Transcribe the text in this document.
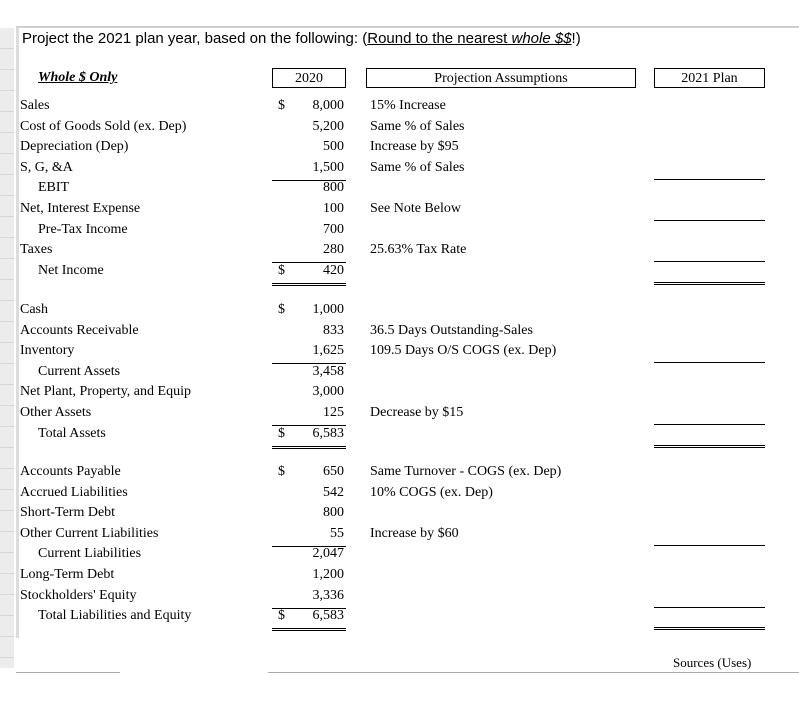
Project the 2021 plan year, based on the following: (Round to the nearest whole $$!)
Whole $ Only	2020	Projection Assumptions	2021 Plan
Sales	$ 8,000 15% Increase
Cost of Goods Sold (ex. Dep)	5,200 Same % of Sales
Depreciation (Dep)	500 Increase by $95
S, G, &A	1,500 Same % of Sales
EBIT	800
Net, Interest Expense	100 See Note Below
Pre-Tax Income	700
Taxes	280 25.63% Tax Rate
Net Income	$	420
Cash	$ 1,000
Accounts Receivable	833 36.5 Days Outstanding-Sales
Inventory	1,625 109.5 Days O/S COGS (ex. Dep)
Current Assets	3,458
Net Plant, Property, and Equip	3,000
Other Assets	125 Decrease by $15
Total Assets	$ 6,583
Accounts Payable	$	650 Same Turnover - COGS (ex. Dep)
Accrued Liabilities	542 10% COGS (ex. Dep)
Short-Term Debt	800
Other Current Liabilities	55 Increase by $60
Current Liabilities	2,047
Long-Term Debt	1,200
Stockholders' Equity	3,336
Total Liabilities and Equity	$ 6,583
Sources (Uses)
